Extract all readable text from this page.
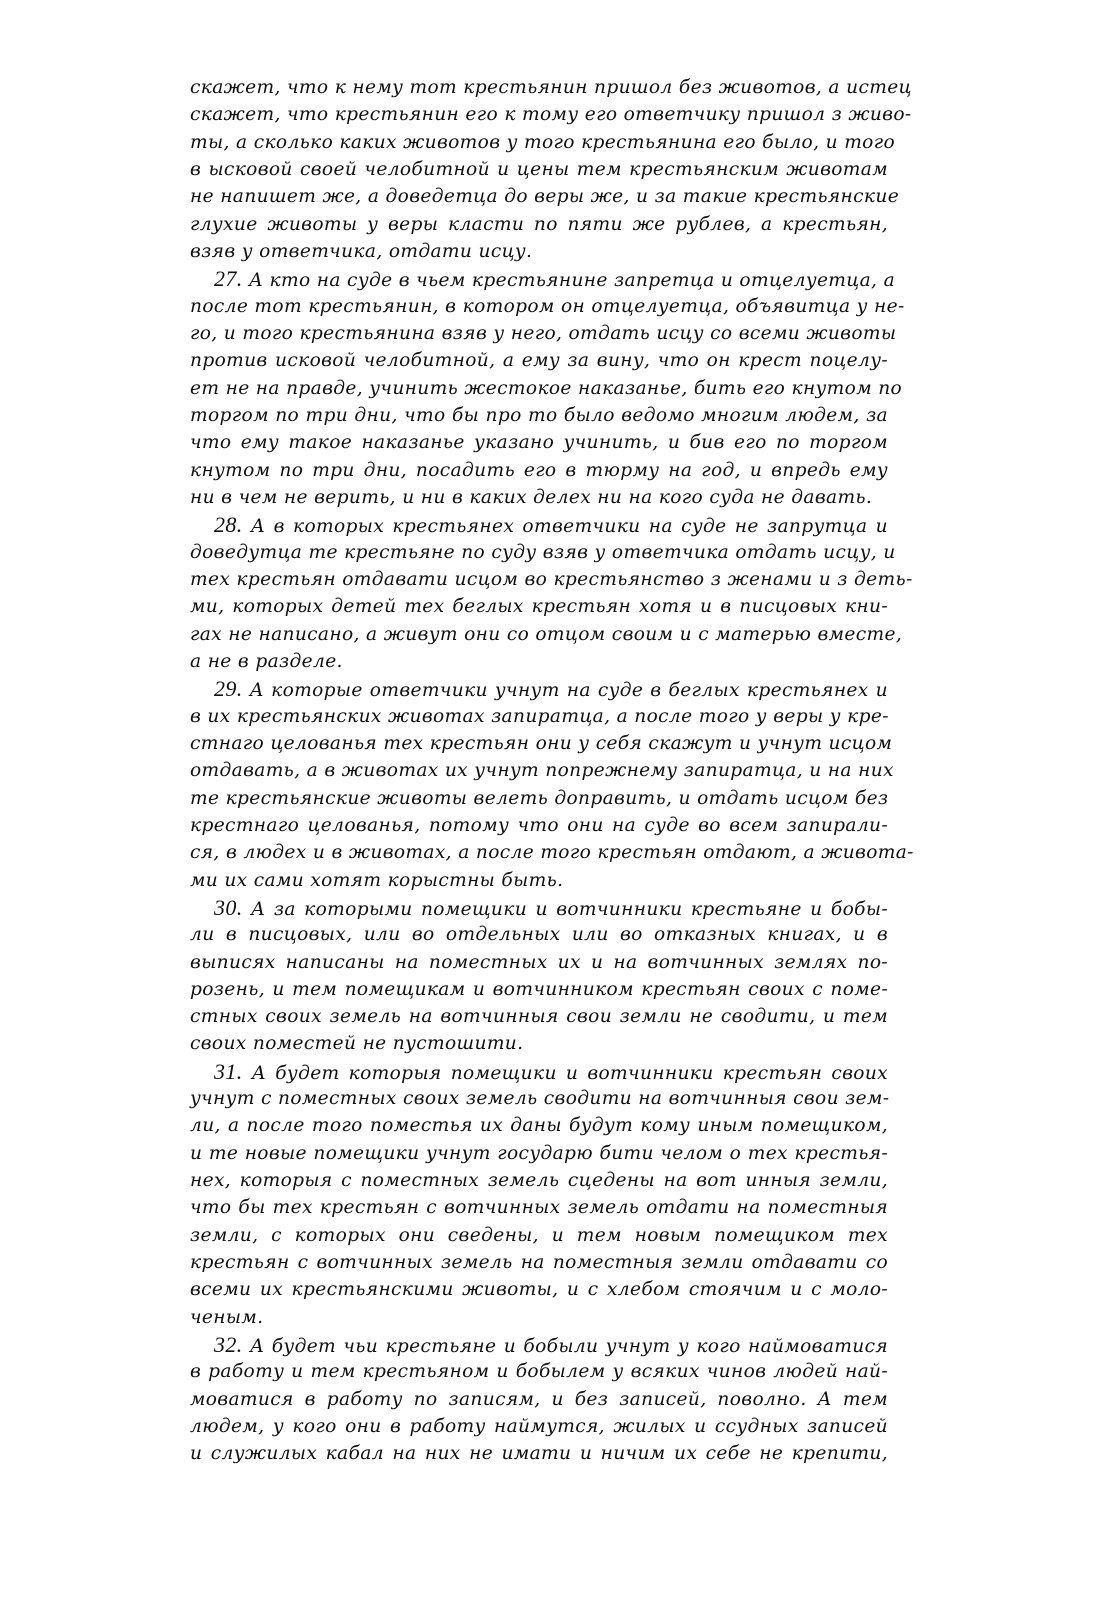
скажет, что к нему тот крестьянин пришол без животов, а истец
скажет, что крестьянин его к тому его ответчику пришол з живо-
ты, а сколько каких животов у того крестьянина его было, и того
в ысковой своей челобитной и цены тем крестьянским животам
не напишет же, а доведетца до веры же, и за такие крестьянские
глухие животы у веры класти по пяти же рублев, а крестьян,
взяв у ответчика, отдати исцу.
27. А кто на суде в чьем крестьянине запретца и отцелуетца, а
после тот крестьянин, в котором он отцелуетца, объявитца у не-
го, и того крестьянина взяв у него, отдать исцу со всеми животы
против исковой челобитной, а ему за вину, что он крест поцелу-
ет не на правде, учинить жестокое наказанье, бить его кнутом по
торгом по три дни, что бы про то было ведомо многим людем, за
что ему такое наказанье указано учинить, и бив его по торгом
кнутом по три дни, посадить его в тюрму на год, и впредь ему
ни в чем не верить, и ни в каких делех ни на кого суда не давать.
28. А в которых крестьянех ответчики на суде не запрутца и
доведутца те крестьяне по суду взяв у ответчика отдать исцу, и
тех крестьян отдавати исцом во крестьянство з женами и з деть-
ми, которых детей тех беглых крестьян хотя и в писцовых кни-
гах не написано, а живут они со отцом своим и с матерью вместе,
а не в разделе.
29. А которые ответчики учнут на суде в беглых крестьянех и
в их крестьянских животах запиратца, а после того у веры у кре-
стнаго целованья тех крестьян они у себя скажут и учнут исцом
отдавать, а в животах их учнут попрежнему запиратца, и на них
те крестьянские животы велеть доправить, и отдать исцом без
крестнаго целованья, потому что они на суде во всем запирали-
ся, в людех и в животах, а после того крестьян отдают, а живота-
ми их сами хотят корыстны быть.
30. А за которыми помещики и вотчинники крестьяне и бобы-
ли в писцовых, или во отдельных или во отказных книгах, и в
выписях написаны на поместных их и на вотчинных землях по-
розень, и тем помещикам и вотчинником крестьян своих с поме-
стных своих земель на вотчинныя свои земли не сводити, и тем
своих поместей не пустошити.
31. А будет которыя помещики и вотчинники крестьян своих
учнут с поместных своих земель сводити на вотчинныя свои зем-
ли, а после того поместья их даны будут кому иным помещиком,
и те новые помещики учнут государю бити челом о тех крестья-
нех, которыя с поместных земель сцедены на вот инныя земли,
что бы тех крестьян с вотчинных земель отдати на поместныя
земли, с которых они сведены, и тем новым помещиком тех
крестьян с вотчинных земель на поместныя земли отдавати со
всеми их крестьянскими животы, и с хлебом стоячим и с моло-
ченым.
32. А будет чьи крестьяне и бобыли учнут у кого наймоватися
в работу и тем крестьяном и бобылем у всяких чинов людей най-
моватися в работу по записям, и без записей, поволно. А тем
людем, у кого они в работу наймутся, жилых и ссудных записей
и служилых кабал на них не имати и ничим их себе не крепити,
